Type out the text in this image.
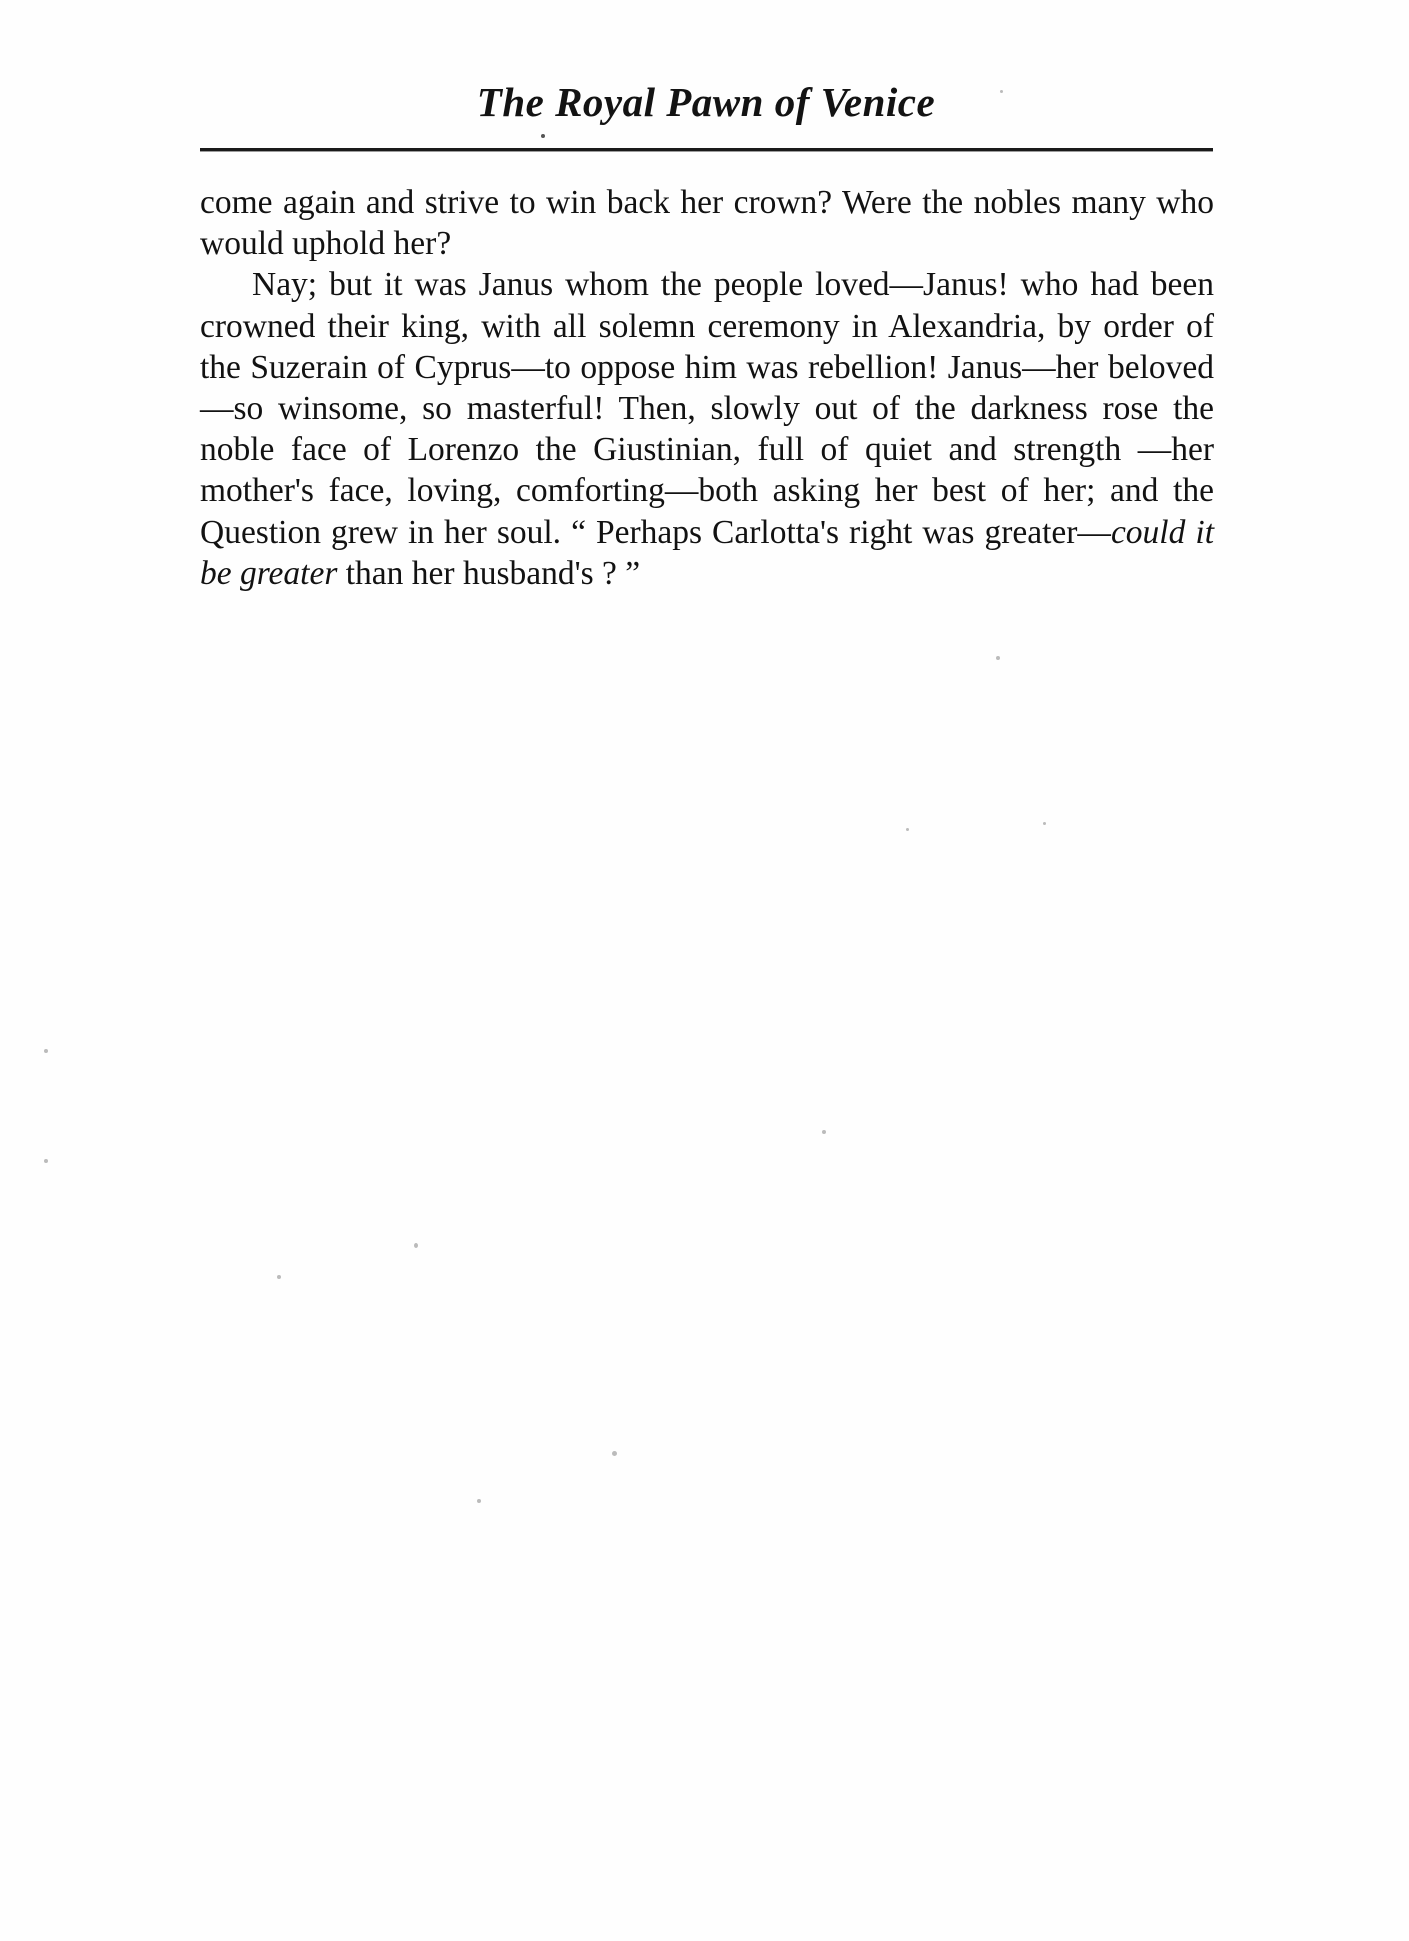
The Royal Pawn of Venice

come again and strive to win back her crown? Were the nobles many who would uphold her?

Nay; but it was Janus whom the people loved—Janus! who had been crowned their king, with all solemn ceremony in Alexandria, by order of the Suzerain of Cyprus—to oppose him was rebellion! Janus—her beloved—so winsome, so masterful! Then, slowly out of the darkness rose the noble face of Lorenzo the Giustinian, full of quiet and strength —her mother's face, loving, comforting—both asking her best of her; and the Question grew in her soul. “ Perhaps Carlotta's right was greater—could it be greater than her husband's ? ”
